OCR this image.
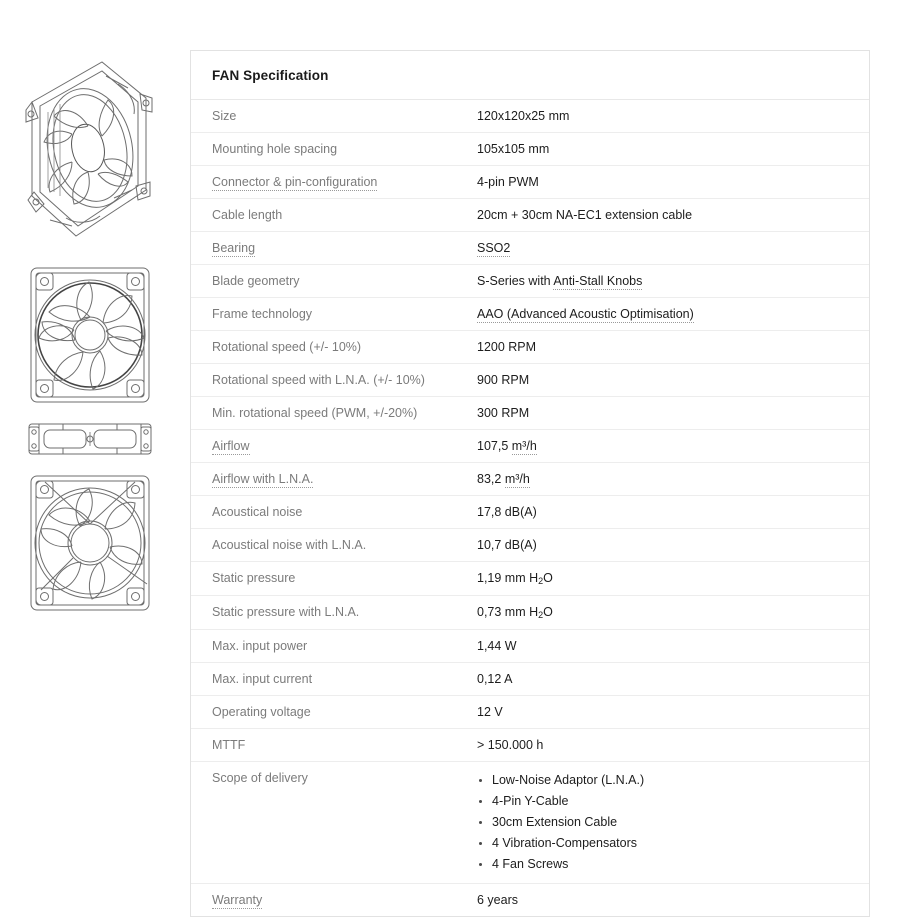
FAN Specification
Size	120x120x25 mm
Mounting hole spacing	105x105 mm
Connector & pin-configuration	4-pin PWM
Cable length	20cm + 30cm NA-EC1 extension cable
Bearing	SSO2
Blade geometry	S-Series with Anti-Stall Knobs
Frame technology	AAO (Advanced Acoustic Optimisation)
Rotational speed (+/- 10%)	1200 RPM
Rotational speed with L.N.A. (+/- 10%)	900 RPM
Min. rotational speed (PWM, +/-20%)	300 RPM
Airflow	107,5 m³/h
Airflow with L.N.A.	83,2 m³/h
Acoustical noise	17,8 dB(A)
Acoustical noise with L.N.A.	10,7 dB(A)
Static pressure	1,19 mm $H_2O$
Static pressure with L.N.A.	0,73 mm $H_2O$
Max. input power	1,44 W
Max. input current	0,12 A
Operating voltage	12 V
MTTF	> 150.000 h
Scope of delivery	Low-Noise Adaptor (L.N.A.)
4-Pin Y-Cable
30cm Extension Cable
4 Vibration-Compensators
4 Fan Screws

Warranty	6 years
